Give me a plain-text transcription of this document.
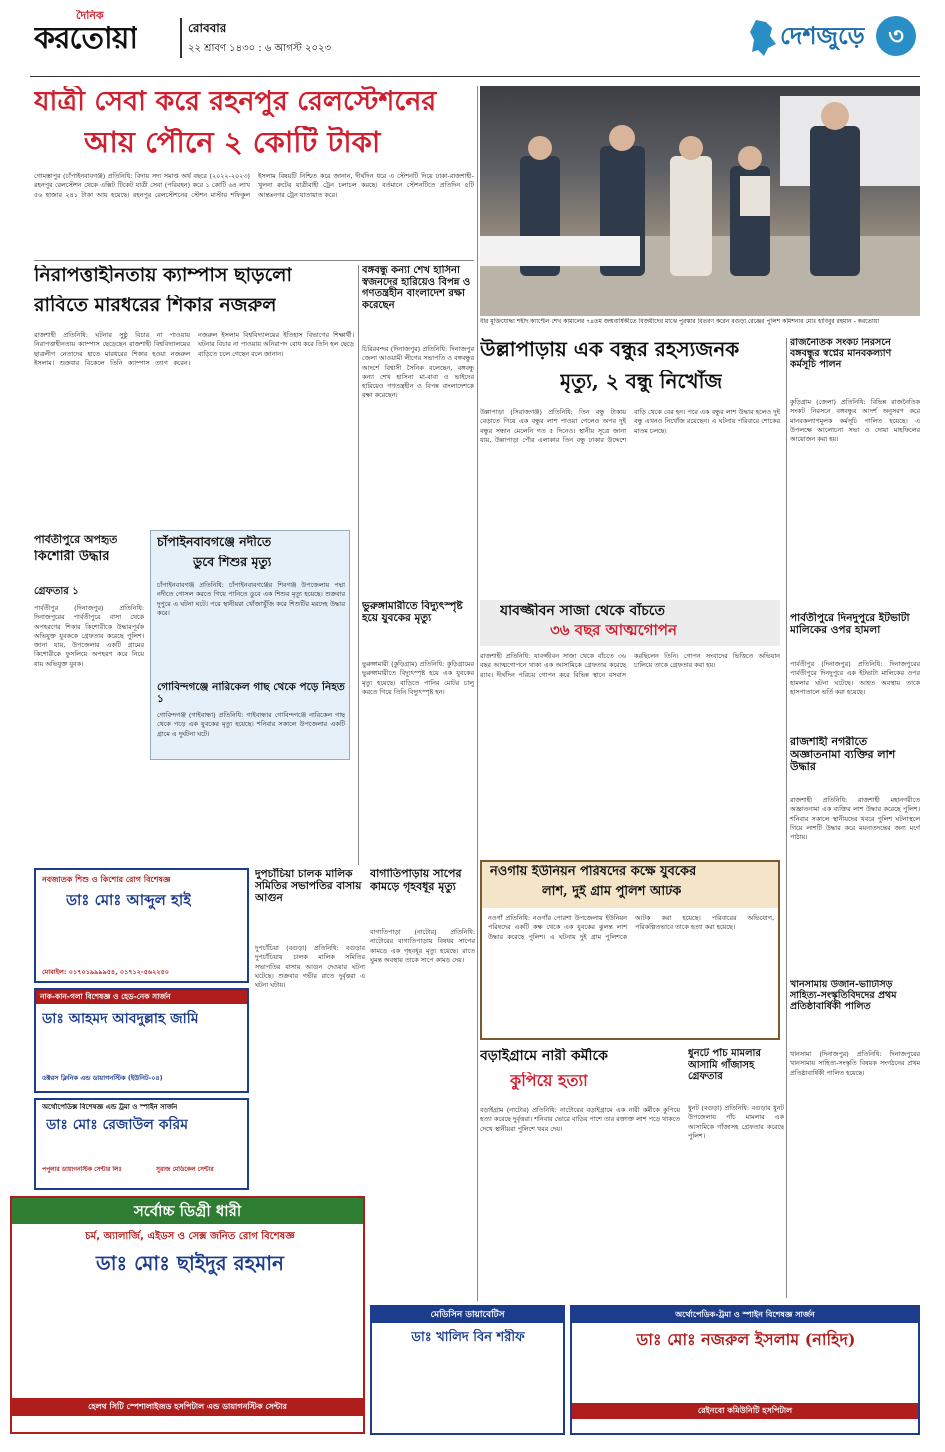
দৈনিক
করতোয়া	রোববার
২২ শ্রাবণ ১৪৩০ : ৬ আগস্ট ২০২৩	দেশজুড়ে ৩
যাত্রী সেবা করে রহনপুর রেলস্টেশনের
আয় পৌনে ২ কোটি টাকা
গোমস্তাপুর (চাঁপাইনবাবগঞ্জ) প্রতিনিধি: বিদায় সদ্য সমাপ্ত অর্থ বছরে (২০২২-২০২৩) রহনপুর রেলস্টেশন থেকে এক্সিট টিকেট যাত্রী সেবা (পরিবহন) করে ১ কোটি ৬৪ লাখ ৫৬ হাজার ২৪১ টাকা আয় হয়েছে। রহনপুর রেলস্টেশনের স্টেশন মাস্টার শফিকুল ইসলাম বিষয়টি নিশ্চিত করে জানান, দীর্ঘদিন ধরে এ স্টেশনটি দিয়ে ঢাকা-রাজশাহী-খুলনা রুটের যাত্রীবাহী ট্রেন চলাচল করছে। বর্তমানে স্টেশনটিতে প্রতিদিন ৫টি আন্তঃনগর ট্রেন যাতায়াত করে।
বীর মুক্তিযোদ্ধা শহীদ ক্যাপ্টেন শেখ কামালের ৭৪তম জন্মবার্ষিকীতে বিজয়ীদের মাঝে পুরস্কার বিতরণ করেন বগুড়া রেঞ্জের পুলিশ কমিশনার মোঃ হাবিবুর রহমান - করতোয়া
নিরাপত্তাহীনতায় ক্যাম্পাস ছাড়লো
রাবিতে মারধরের শিকার নজরুল
রাজশাহী প্রতিনিধি: ঘটনার সুষ্ঠু বিচার না পাওয়ায় নিরাপত্তাহীনতায় ক্যাম্পাস ছেড়েছেন রাজশাহী বিশ্ববিদ্যালয়ের ছাত্রলীগ নেতাদের হাতে মারধরের শিকার হওয়া নজরুল ইসলাম। শুক্রবার বিকেলে তিনি ক্যাম্পাস ত্যাগ করেন। নজরুল ইসলাম বিশ্ববিদ্যালয়ের ইতিহাস বিভাগের শিক্ষার্থী। ঘটনার বিচার না পাওয়ায় অনিরাপদ বোধ করে তিনি হল ছেড়ে বাড়িতে চলে গেছেন বলে জানান।
বঙ্গবন্ধু কন্যা শেখ হাসিনা স্বজনদের হারিয়েও বিপন্ন ও গণতন্ত্রহীন বাংলাদেশ রক্ষা করেছেন
চিরিরবন্দর (দিনাজপুর) প্রতিনিধি: দিনাজপুর জেলা আওয়ামী লীগের সভাপতি ও বঙ্গবন্ধুর আদর্শে বিশ্বাসী সৈনিক বলেছেন, বঙ্গবন্ধু কন্যা শেখ হাসিনা মা-বাবা ও ভাইদের হারিয়েও গণতন্ত্রহীন ও বিপন্ন বাংলাদেশকে রক্ষা করেছেন।
উল্লাপাড়ায় এক বন্ধুর রহস্যজনক
মৃত্যু, ২ বন্ধু নিখোঁজ
উল্লাপাড়া (সিরাজগঞ্জ) প্রতিনিধি: তিন বন্ধু টাকায় বেড়াতে গিয়ে এক বন্ধুর লাশ পাওয়া গেলেও অপর দুই বন্ধুর সন্ধান মেলেনি গত ৫ দিনেও। স্থানীয় সূত্রে জানা যায়, উল্লাপাড়া পৌর এলাকার তিন বন্ধু ঢাকার উদ্দেশে বাড়ি থেকে বের হন। পরে এক বন্ধুর লাশ উদ্ধার হলেও দুই বন্ধু এখনও নিখোঁজ রয়েছেন। এ ঘটনায় পরিবারে শোকের মাতম চলছে।
রাজনৈতিক সংকট নিরসনে বঙ্গবন্ধুর স্বপ্নের মানবকল্যাণ কর্মসূচি পালন
কুড়িগ্রাম (জেলা) প্রতিনিধি: বিভিন্ন রাজনৈতিক সংকট নিরসনে বঙ্গবন্ধুর আদর্শ অনুসরণ করে মানবকল্যাণমূলক কর্মসূচি পালিত হয়েছে। এ উপলক্ষে আলোচনা সভা ও দোয়া মাহফিলের আয়োজন করা হয়।
পার্বতীপুরে অপহৃত
কিশোরী উদ্ধার
গ্রেফতার ১
পার্বতীপুর (দিনাজপুর) প্রতিনিধি: দিনাজপুরের পার্বতীপুরে বাসা থেকে অপহরণের শিকার কিশোরীকে উদ্ধারপূর্বক অভিযুক্ত যুবককে গ্রেফতার করেছে পুলিশ। জানা যায়, উপজেলার একটি গ্রামের কিশোরীকে ফুসলিয়ে অপহরণ করে নিয়ে যায় অভিযুক্ত যুবক।
চাঁপাইনবাবগঞ্জে নদীতে
ডুবে শিশুর মৃত্যু
চাঁপাইনবাবগঞ্জ প্রতিনিধি: চাঁপাইনবাবগঞ্জের শিবগঞ্জ উপজেলায় পদ্মা নদীতে গোসল করতে গিয়ে পানিতে ডুবে এক শিশুর মৃত্যু হয়েছে। শুক্রবার দুপুরে এ ঘটনা ঘটে। পরে স্থানীয়রা খোঁজাখুঁজি করে শিশুটির মরদেহ উদ্ধার করে।
গোবিন্দগঞ্জে নারিকেল গাছ থেকে পড়ে নিহত ১
গোবিন্দগঞ্জ (গাইবান্ধা) প্রতিনিধি: গাইবান্ধার গোবিন্দগঞ্জে নারিকেল গাছ থেকে পড়ে এক যুবকের মৃত্যু হয়েছে। শনিবার সকালে উপজেলার একটি গ্রামে এ দুর্ঘটনা ঘটে।
ভুরুঙ্গামারীতে বিদ্যুৎস্পৃষ্ট হয়ে যুবকের মৃত্যু
ভুরুঙ্গামারী (কুড়িগ্রাম) প্রতিনিধি: কুড়িগ্রামের ভুরুঙ্গামারীতে বিদ্যুৎস্পৃষ্ট হয়ে এক যুবকের মৃত্যু হয়েছে। বাড়িতে পানির মোটর চালু করতে গিয়ে তিনি বিদ্যুৎস্পৃষ্ট হন।
যাবজ্জীবন সাজা থেকে বাঁচতে
৩৬ বছর আত্মগোপন
রাজশাহী প্রতিনিধি: যাবজ্জীবন সাজা থেকে বাঁচতে ৩৬ বছর আত্মগোপনে থাকা এক আসামিকে গ্রেফতার করেছে র‍্যাব। দীর্ঘদিন পরিচয় গোপন করে বিভিন্ন স্থানে বসবাস করছিলেন তিনি। গোপন সংবাদের ভিত্তিতে অভিযান চালিয়ে তাকে গ্রেফতার করা হয়।
পার্বতীপুরে দিনদুপুরে ইটভাটা মালিকের ওপর হামলা
পার্বতীপুর (দিনাজপুর) প্রতিনিধি: দিনাজপুরের পার্বতীপুরে দিনদুপুরে এক ইটভাটা মালিকের ওপর হামলার ঘটনা ঘটেছে। আহত অবস্থায় তাকে হাসপাতালে ভর্তি করা হয়েছে।
রাজশাহী নগরীতে অজ্ঞাতনামা ব্যক্তির লাশ উদ্ধার
রাজশাহী প্রতিনিধি: রাজশাহী মহানগরীতে অজ্ঞাতনামা এক ব্যক্তির লাশ উদ্ধার করেছে পুলিশ। শনিবার সকালে স্থানীয়দের খবরে পুলিশ ঘটনাস্থলে গিয়ে লাশটি উদ্ধার করে ময়নাতদন্তের জন্য মর্গে পাঠায়।
নওগাঁয় ইউনিয়ন পরিষদের কক্ষে যুবকের
লাশ, দুই গ্রাম পুলিশ আটক
নওগাঁ প্রতিনিধি: নওগাঁর পোরশা উপজেলায় ইউনিয়ন পরিষদের একটি কক্ষ থেকে এক যুবকের ঝুলন্ত লাশ উদ্ধার করেছে পুলিশ। এ ঘটনায় দুই গ্রাম পুলিশকে আটক করা হয়েছে। পরিবারের অভিযোগ, পরিকল্পিতভাবে তাকে হত্যা করা হয়েছে।
খানসামায় উজান-ভাটিসিঁড় সাহিত্য-সংস্কৃতিবিদদের প্রথম প্রতিষ্ঠাবার্ষিকী পালিত
খানসামা (দিনাজপুর) প্রতিনিধি: দিনাজপুরের খানসামায় সাহিত্য-সংস্কৃতি বিষয়ক সংগঠনের প্রথম প্রতিষ্ঠাবার্ষিকী পালিত হয়েছে।
দুপচাঁচিয়া চালক মালিক সমিতির সভাপতির বাসায় আগুন
দুপচাঁচিয়া (বগুড়া) প্রতিনিধি: বগুড়ার দুপচাঁচিয়ায় চালক মালিক সমিতির সভাপতির বাসায় আগুন দেওয়ার ঘটনা ঘটেছে। শুক্রবার গভীর রাতে দুর্বৃত্তরা এ ঘটনা ঘটায়।
বাগাতিপাড়ায় সাপের কামড়ে গৃহবধূর মৃত্যু
বাগাতিপাড়া (নাটোর) প্রতিনিধি: নাটোরের বাগাতিপাড়ায় বিষধর সাপের কামড়ে এক গৃহবধূর মৃত্যু হয়েছে। রাতে ঘুমন্ত অবস্থায় তাকে সাপে কামড় দেয়।
বড়াইগ্রামে নারী কর্মীকে
কুপিয়ে হত্যা
বড়াইগ্রাম (নাটোর) প্রতিনিধি: নাটোরের বড়াইগ্রামে এক নারী কর্মীকে কুপিয়ে হত্যা করেছে দুর্বৃত্তরা। শনিবার ভোরে বাড়ির পাশে তার রক্তাক্ত লাশ পড়ে থাকতে দেখে স্থানীয়রা পুলিশে খবর দেয়।
ধুনটে পাঁচ মামলার আসামি গাঁজাসহ গ্রেফতার
ধুনট (বগুড়া) প্রতিনিধি: বগুড়ার ধুনট উপজেলায় পাঁচ মামলার এক আসামিকে গাঁজাসহ গ্রেফতার করেছে পুলিশ।
নবজাতক শিশু ও কিশোর রোগ বিশেষজ্ঞ
ডাঃ মোঃ আব্দুল হাই
মোবাইল: ০১৭০১৯৯৯৯৫৪, ০১৭১২-৫৬২২৫০
নাক-কান-গলা বিশেষজ্ঞ ও হেড-নেক সার্জন
ডাঃ আহমদ আবদুল্লাহ জামি
ডক্টরস ক্লিনিক এন্ড ডায়াগনস্টিক (ইউনিট-০৪)
অর্থোপেডিক্স বিশেষজ্ঞ এন্ড ট্রমা ও স্পাইন সার্জন
ডাঃ মোঃ রেজাউল করিম
পপুলার ডায়াগনস্টিক সেন্টার লিঃ	সুরাজ মেডিকেল সেন্টার
সর্বোচ্চ ডিগ্রী ধারী
চর্ম, অ্যালার্জি, এইডস ও সেক্স জনিত রোগ বিশেষজ্ঞ
ডাঃ মোঃ ছাইদুর রহমান
হেলথ সিটি স্পেশালাইজড হসপিটাল এন্ড ডায়াগনস্টিক সেন্টার
মেডিসিন ডায়াবেটিস
ডাঃ খালিদ বিন শরীফ
অর্থোপেডিক-ট্রমা ও স্পাইন বিশেষজ্ঞ সার্জন
ডাঃ মোঃ নজরুল ইসলাম (নাহিদ)
রেইনবো কমিউনিটি হসপিটাল
